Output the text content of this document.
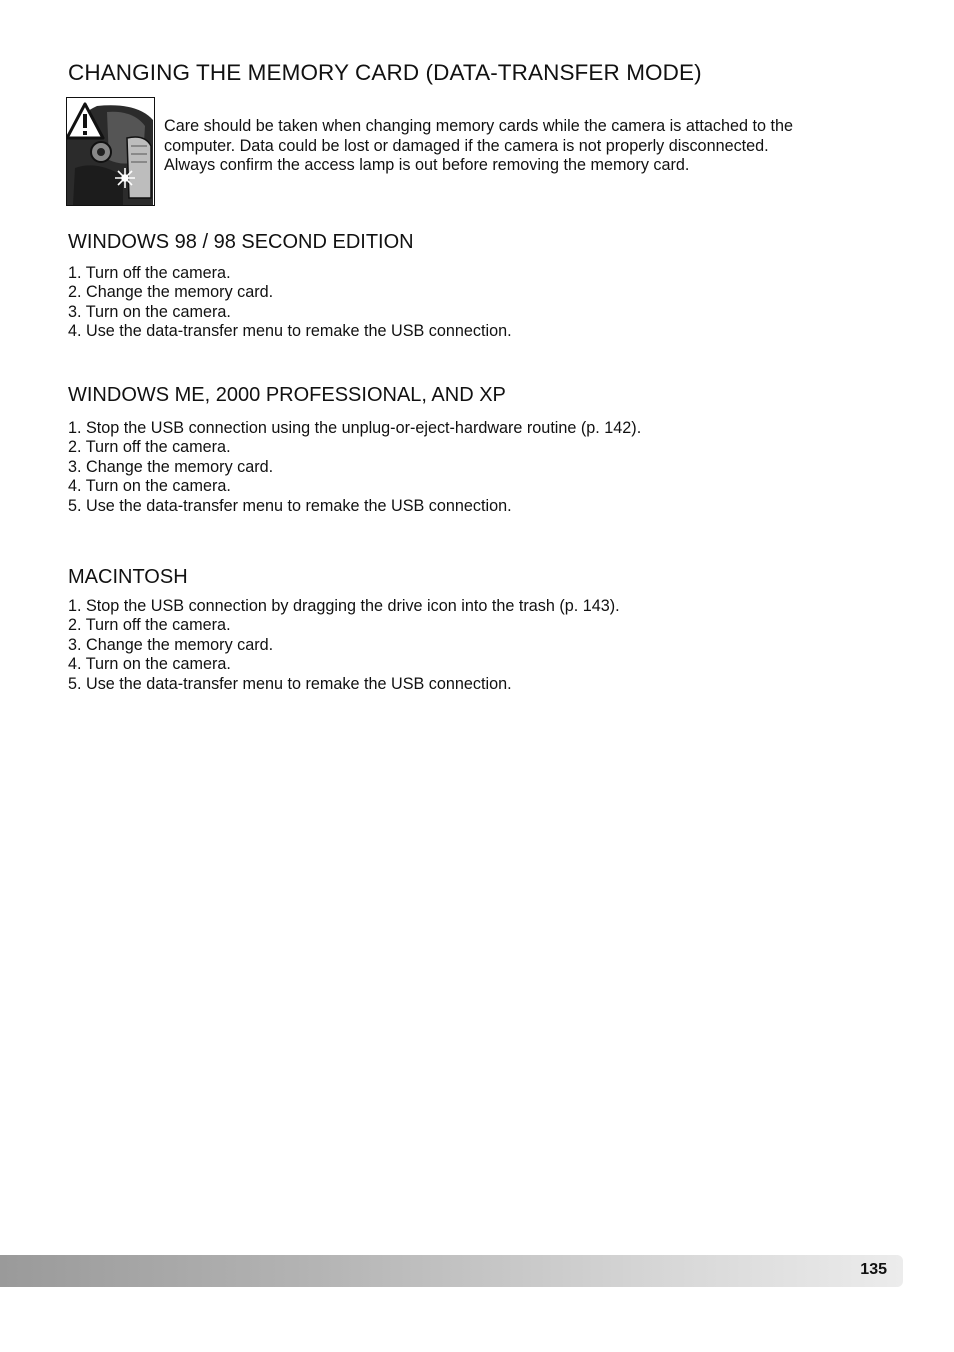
CHANGING THE MEMORY CARD (DATA-TRANSFER MODE)
Care should be taken when changing memory cards while the camera is attached to the
computer. Data could be lost or damaged if the camera is not properly disconnected.
Always confirm the access lamp is out before removing the memory card.
WINDOWS 98 / 98 SECOND EDITION
1. Turn off the camera.
2. Change the memory card.
3. Turn on the camera.
4. Use the data-transfer menu to remake the USB connection.
WINDOWS ME, 2000 PROFESSIONAL, AND XP
1. Stop the USB connection using the unplug-or-eject-hardware routine (p. 142).
2. Turn off the camera.
3. Change the memory card.
4. Turn on the camera.
5. Use the data-transfer menu to remake the USB connection.
MACINTOSH
1. Stop the USB connection by dragging the drive icon into the trash (p. 143).
2. Turn off the camera.
3. Change the memory card.
4. Turn on the camera.
5. Use the data-transfer menu to remake the USB connection.
135
